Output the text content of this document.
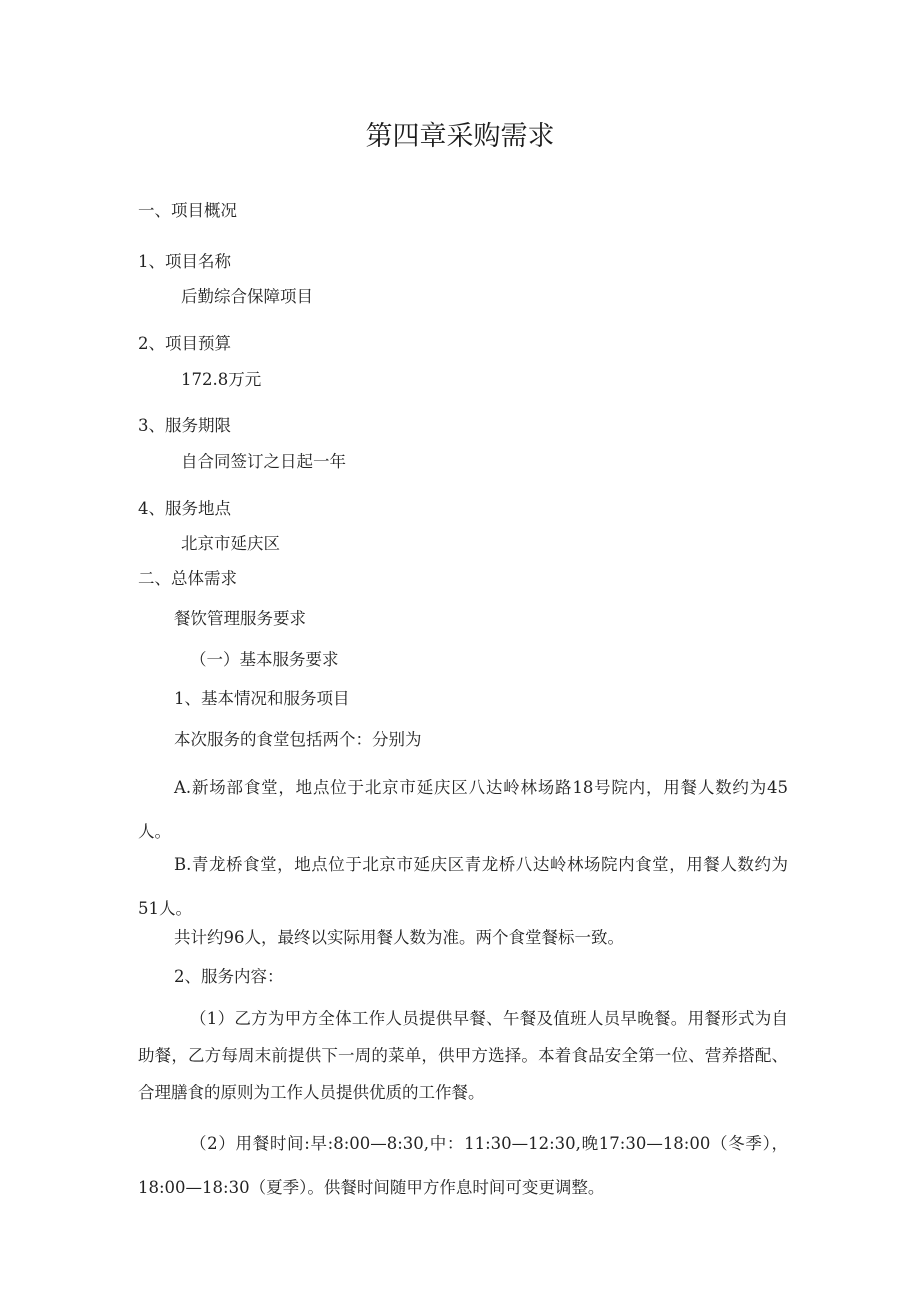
第四章采购需求
一、项目概况
1、项目名称
后勤综合保障项目
2、项目预算
172.8万元
3、服务期限
自合同签订之日起一年
4、服务地点
北京市延庆区
二、总体需求
餐饮管理服务要求
（一）基本服务要求
1、基本情况和服务项目
本次服务的食堂包括两个：分别为

A.新场部食堂，地点位于北京市延庆区八达岭林场路18号院内，用餐人数约为45人。

B.青龙桥食堂，地点位于北京市延庆区青龙桥八达岭林场院内食堂，用餐人数约为51人。

共计约96人，最终以实际用餐人数为准。两个食堂餐标一致。
2、服务内容：

（1）乙方为甲方全体工作人员提供早餐、午餐及值班人员早晚餐。用餐形式为自助餐，乙方每周末前提供下一周的菜单，供甲方选择。本着食品安全第一位、营养搭配、合理膳食的原则为工作人员提供优质的工作餐。

（2）用餐时间:早:8:00—8:30,中：11:30—12:30,晚17:30—18:00（冬季），18:00—18:30（夏季）。供餐时间随甲方作息时间可变更调整。
